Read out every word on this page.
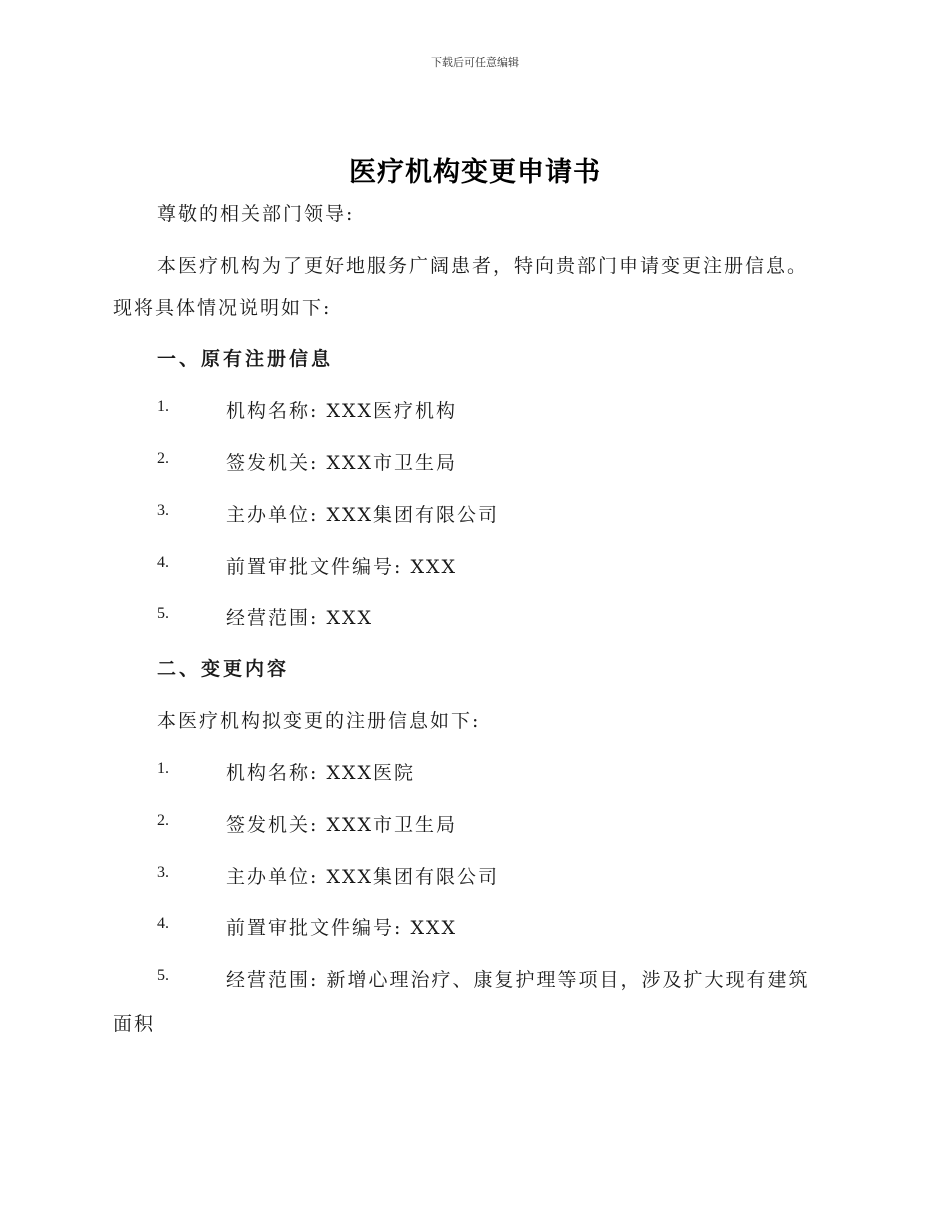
下载后可任意编辑
医疗机构变更申请书
尊敬的相关部门领导:
本医疗机构为了更好地服务广阔患者，特向贵部门申请变更注册信息。
现将具体情况说明如下:
一、原有注册信息
1.	机构名称: XXX医疗机构
2.	签发机关: XXX市卫生局
3.	主办单位: XXX集团有限公司
4.	前置审批文件编号: XXX
5.	经营范围: XXX
二、变更内容
本医疗机构拟变更的注册信息如下:
1.	机构名称: XXX医院
2.	签发机关: XXX市卫生局
3.	主办单位: XXX集团有限公司
4.	前置审批文件编号: XXX
5.	经营范围: 新增心理治疗、康复护理等项目，涉及扩大现有建筑
面积
